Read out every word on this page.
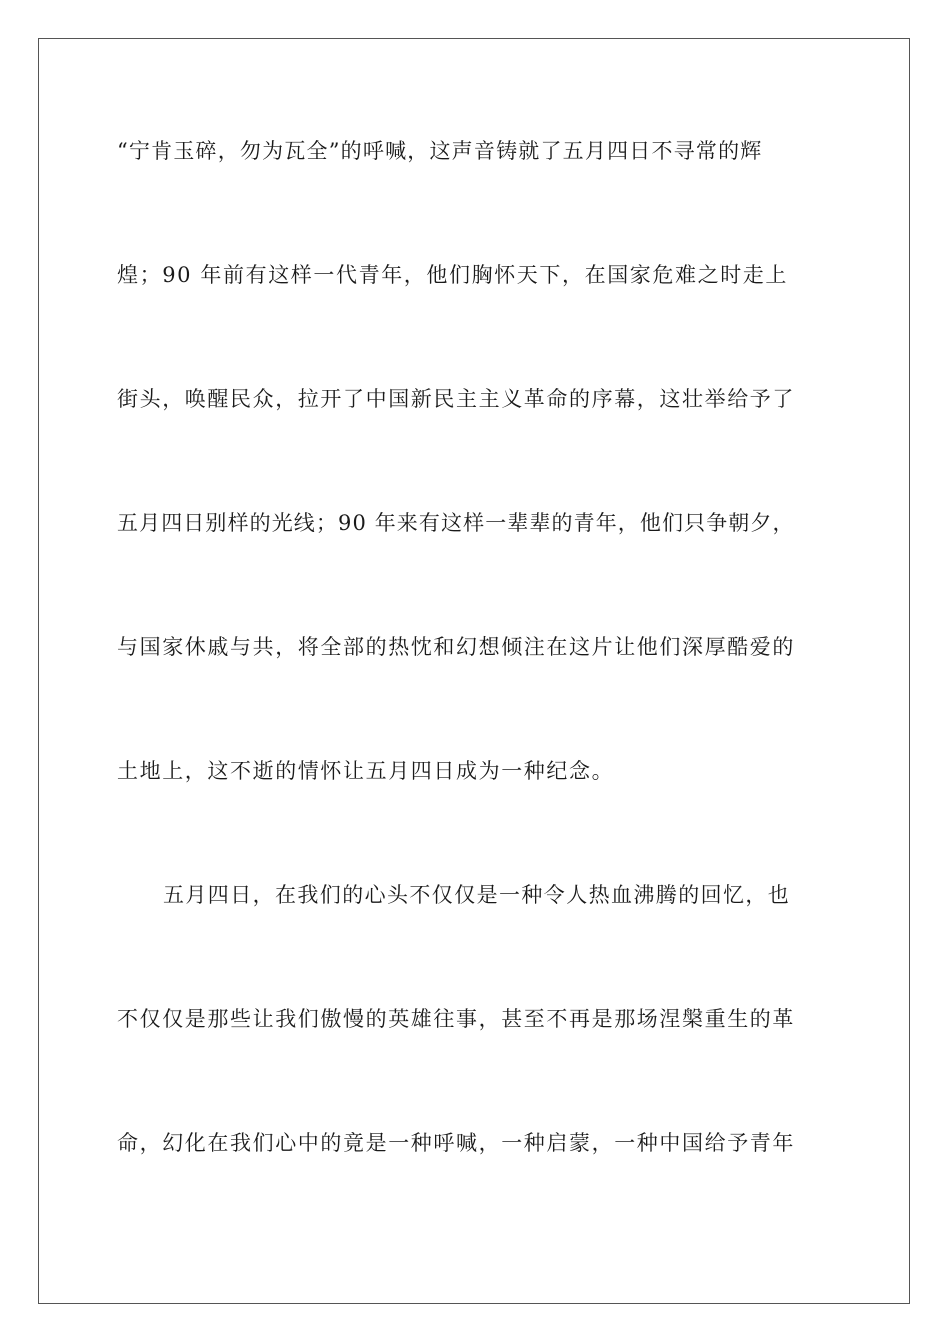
“宁肯玉碎，勿为瓦全”的呼喊，这声音铸就了五月四日不寻常的辉

煌；90 年前有这样一代青年，他们胸怀天下，在国家危难之时走上

街头，唤醒民众，拉开了中国新民主主义革命的序幕，这壮举给予了

五月四日别样的光线；90 年来有这样一辈辈的青年，他们只争朝夕，

与国家休戚与共，将全部的热忱和幻想倾注在这片让他们深厚酷爱的

土地上，这不逝的情怀让五月四日成为一种纪念。

五月四日，在我们的心头不仅仅是一种令人热血沸腾的回忆，也

不仅仅是那些让我们傲慢的英雄往事，甚至不再是那场涅槃重生的革

命，幻化在我们心中的竟是一种呼喊，一种启蒙，一种中国给予青年
